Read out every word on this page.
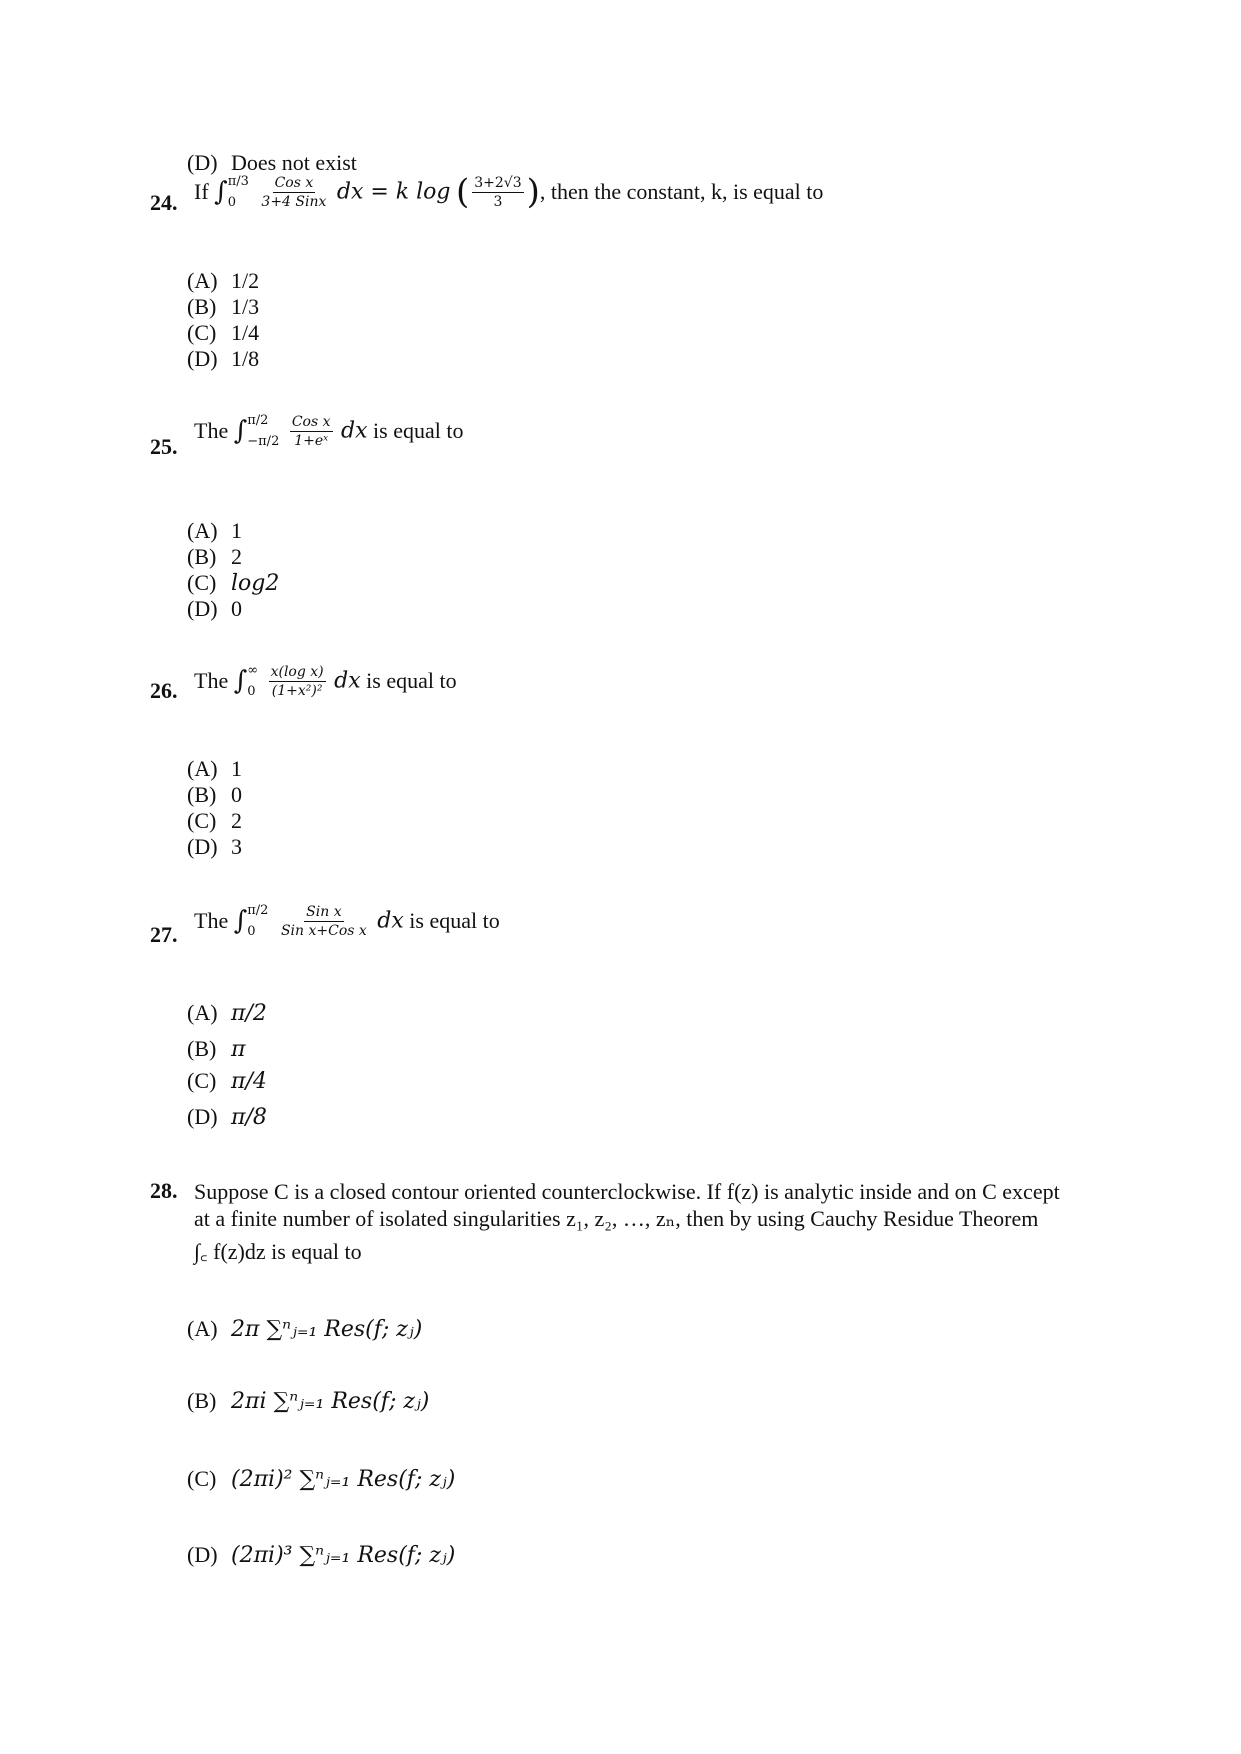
(D) Does not exist
24. If ∫ π/3
0
	$\frac{\text{Cos x}}{\text{3+4 Sinx}}$ dx = k log ( $\frac{3+2√3}{3}$ ), then the constant, k, is equal to
(A) 1/2
(B) 1/3
(C) 1/4
(D) 1/8
25.
The ∫ π/2
−π/2
$\frac{\text{Cos x}}{\text{1+eˣ}}$ dx is equal to
(A) 1
(B) 2
(C) log2
(D) 0
26. The ∫ ∞
0
$\frac{\text{x(log x)}}{\text{(1+x²)²}}$ dx is equal to
(A) 1
(B) 0
(C) 2
(D) 3
27.
The ∫ π/2
0
	$\frac{\text{Sin x}}{\text{Sin x+Cos x}}$ dx is equal to
(A) π/2
(B) π
(C) π/4
(D) π/8
28. Suppose C is a closed contour oriented counterclockwise. If f(z) is analytic inside and on C except
at a finite number of isolated singularities z₁, z₂, …, zₙ, then by using Cauchy Residue Theorem
∫꜀ f(z)dz is equal to
(A) 2π ∑ⁿⱼ₌₁ Res(f; zⱼ)
(B) 2πi ∑ⁿⱼ₌₁ Res(f; zⱼ)
(C) (2πi)² ∑ⁿⱼ₌₁ Res(f; zⱼ)
(D) (2πi)³ ∑ⁿⱼ₌₁ Res(f; zⱼ)
